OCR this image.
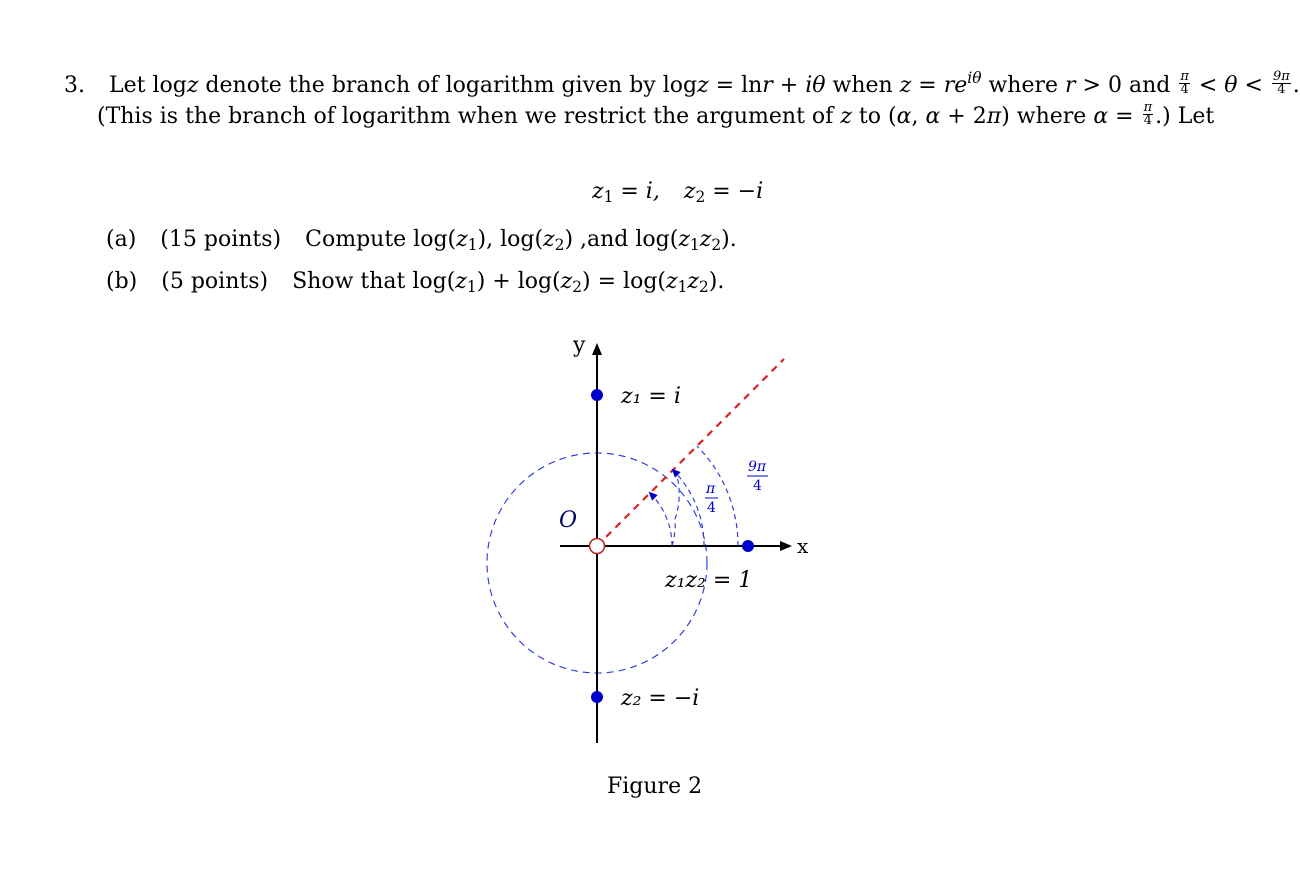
3. Let logz denote the branch of logarithm given by logz = lnr + iθ when $z = re^{i\theta}$ where r > 0 and $\frac{\pi}{4} < \theta < \frac{9\pi}{4}$ .
(This is the branch of logarithm when we restrict the argument of z to (α, α + 2π) where $\alpha = \frac{\pi}{4}$ .) Let
$z_1 = i$, $z_2 = -i$
(a) (15 points) Compute $\log(z_1)$, $\log(z_2)$ ,and $\log(z_1z_2)$.
(b) (5 points) Show that $\log(z_1) + \log(z_2) = \log(z_1z_2)$.
y
x
O
z₁ = i
z₂ = −i
z₁z₂ = 1
π
4
9π
4
Figure 2
